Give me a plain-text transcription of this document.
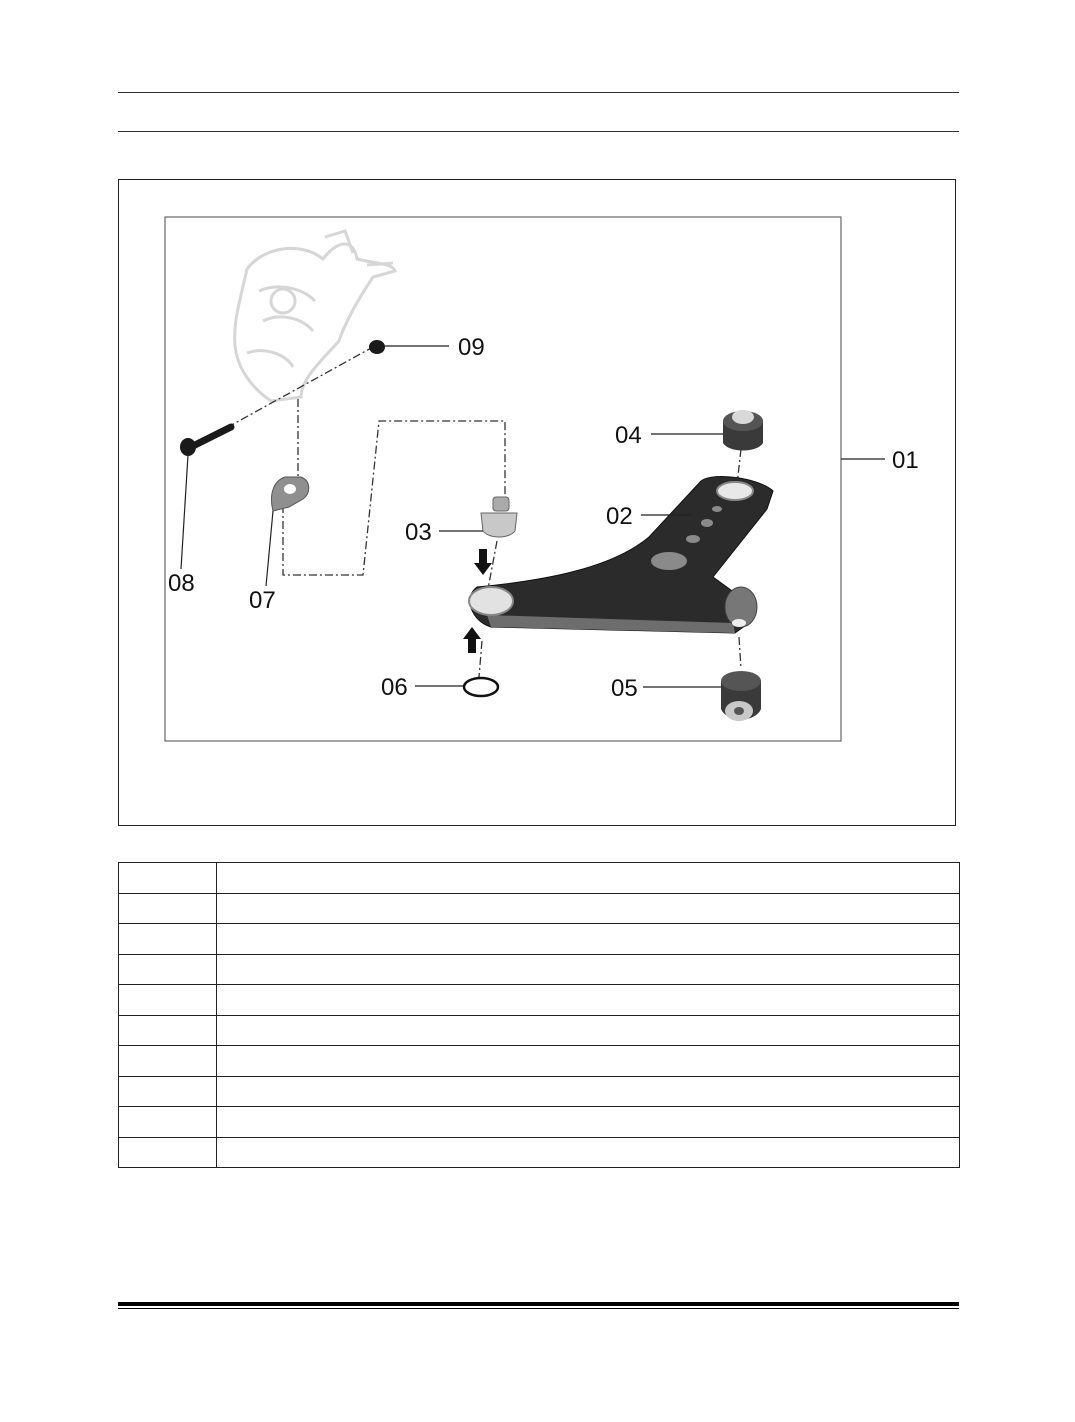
09
04
01
02
03
08
07
06	05
